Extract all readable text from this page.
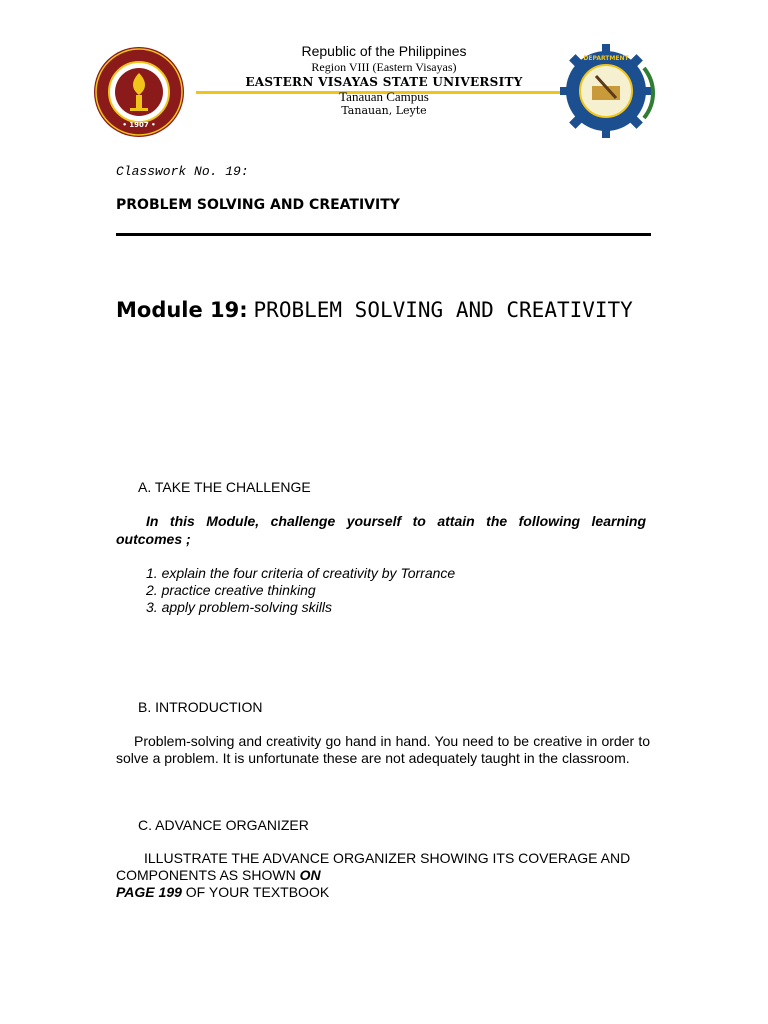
• 1907 •
Republic of the Philippines
Region VIII (Eastern Visayas)
EASTERN VISAYAS STATE UNIVERSITY
Tanauan Campus
Tanauan, Leyte
DEPARTMENT
Classwork No. 19:
PROBLEM SOLVING AND CREATIVITY
Module 19: PROBLEM SOLVING AND CREATIVITY
A. TAKE THE CHALLENGE
In this Module, challenge yourself to attain the following learning outcomes ;
1. explain the four criteria of creativity by Torrance
2. practice creative thinking
3. apply problem-solving skills
B. INTRODUCTION
Problem-solving and creativity go hand in hand. You need to be creative in order to solve a problem. It is unfortunate these are not adequately taught in the classroom.
C. ADVANCE ORGANIZER
ILLUSTRATE THE ADVANCE ORGANIZER SHOWING ITS COVERAGE AND COMPONENTS AS SHOWN ON
PAGE 199 OF YOUR TEXTBOOK
